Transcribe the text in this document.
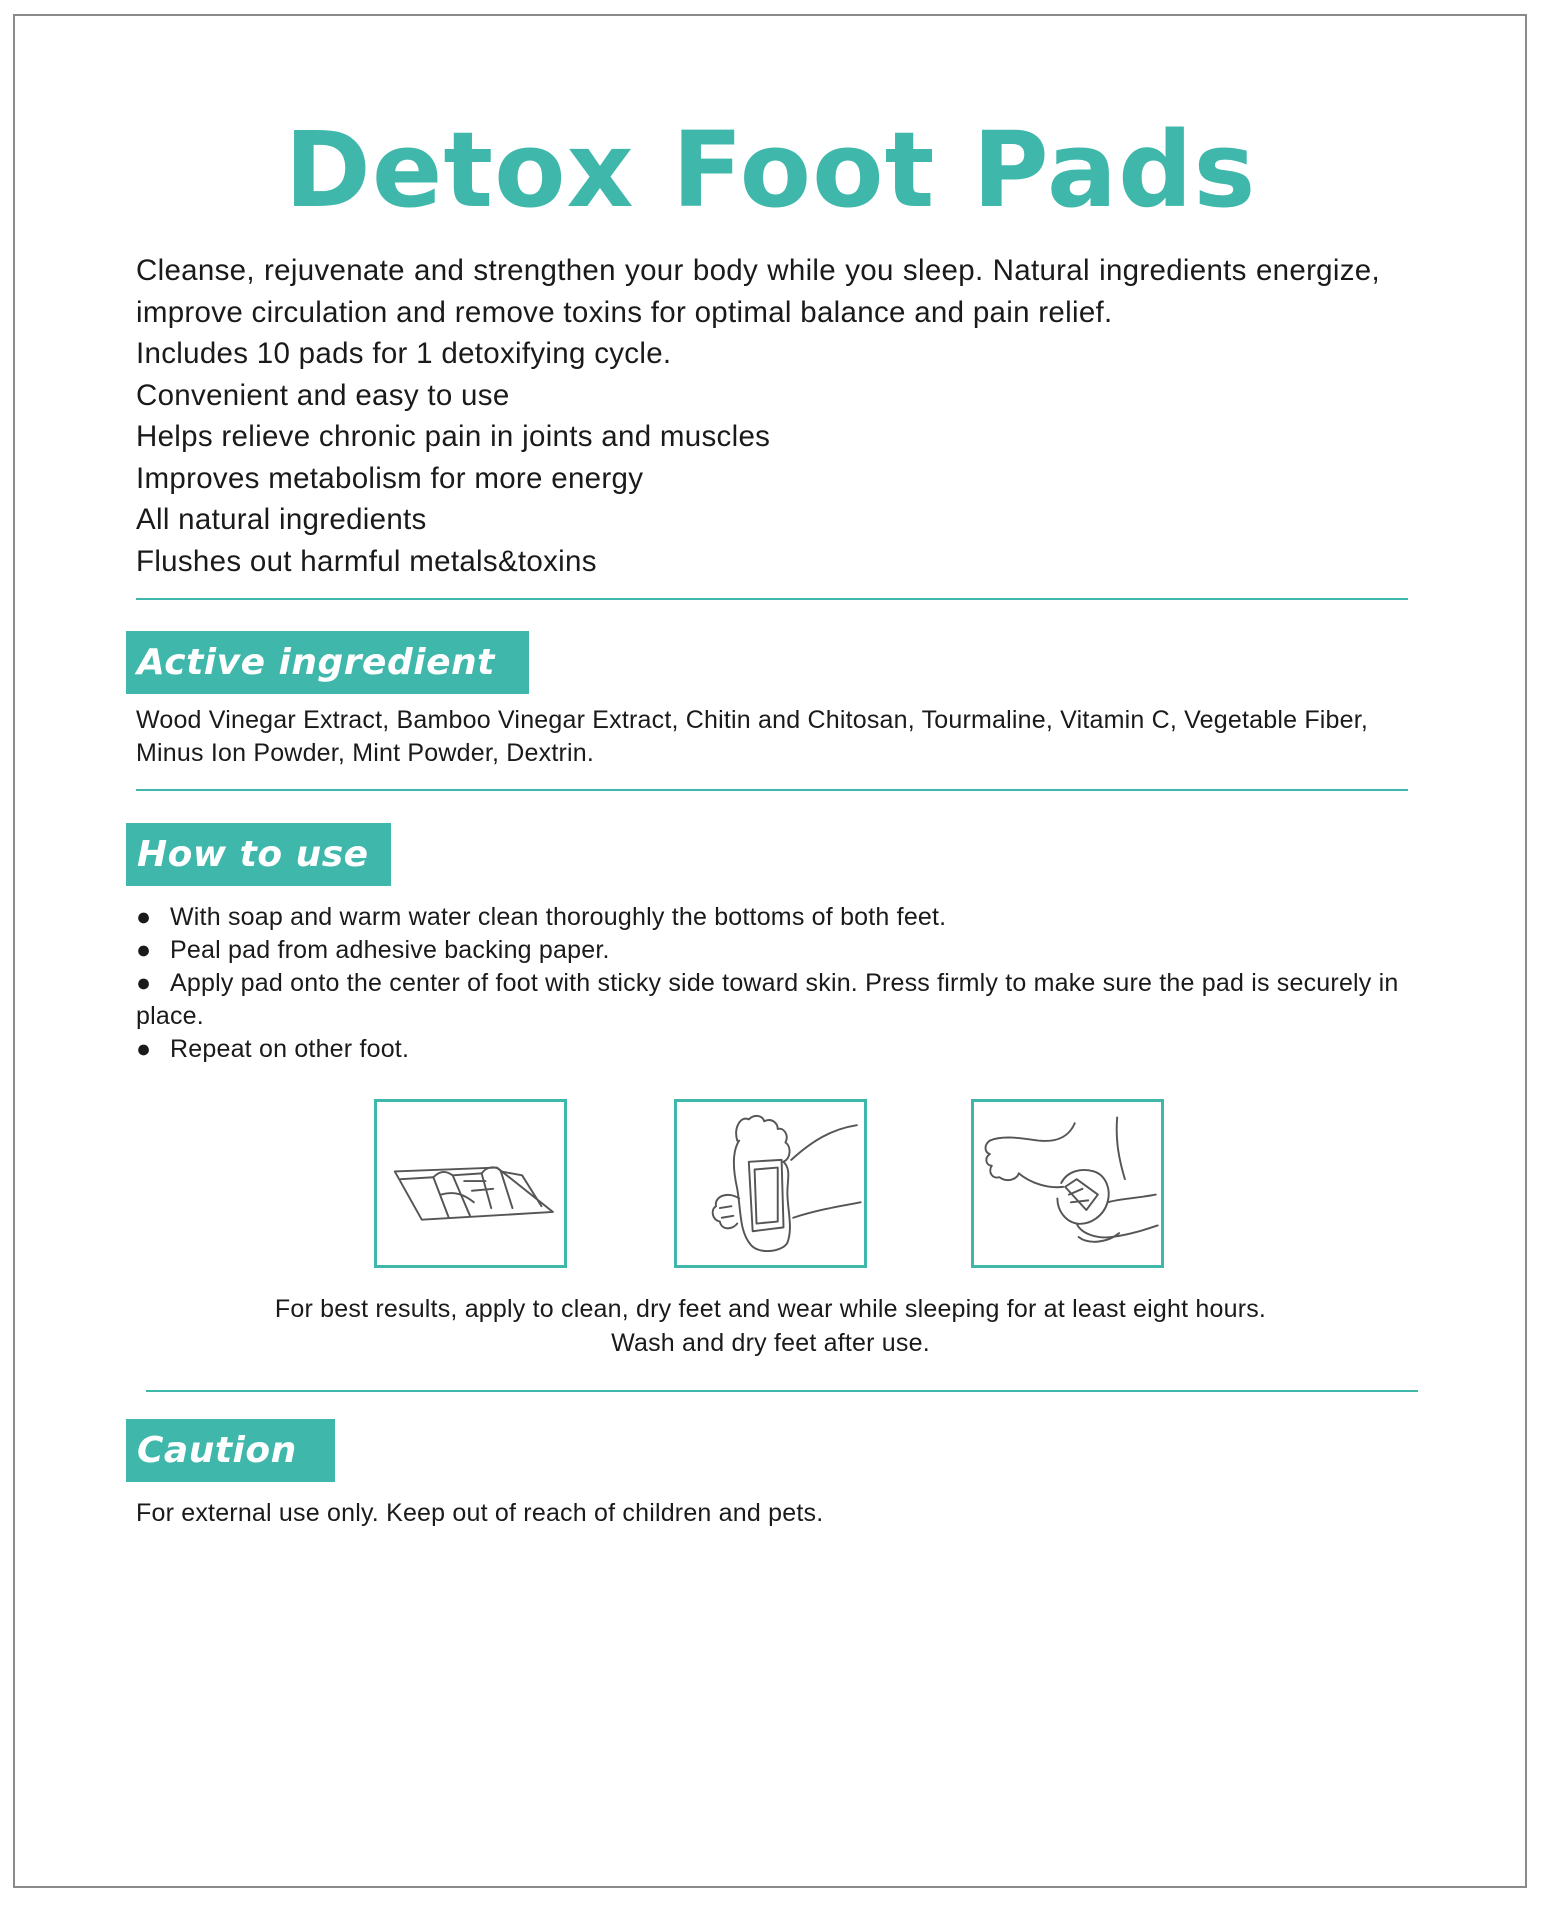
Detox Foot Pads

Cleanse, rejuvenate and strengthen your body while you sleep. Natural ingredients energize, improve circulation and remove toxins for optimal balance and pain relief.

Includes 10 pads for 1 detoxifying cycle.

Convenient and easy to use

Helps relieve chronic pain in joints and muscles

Improves metabolism for more energy

All natural ingredients

Flushes out harmful metals&toxins

Active ingredient

Wood Vinegar Extract, Bamboo Vinegar Extract, Chitin and Chitosan, Tourmaline, Vitamin C, Vegetable Fiber, Minus Ion Powder, Mint Powder, Dextrin.

How to use

● With soap and warm water clean thoroughly the bottoms of both feet.

● Peal pad from adhesive backing paper.

● Apply pad onto the center of foot with sticky side toward skin. Press firmly to make sure the pad is securely in place.

● Repeat on other foot.

For best results, apply to clean, dry feet and wear while sleeping for at least eight hours.

Wash and dry feet after use.

Caution

For external use only. Keep out of reach of children and pets.
